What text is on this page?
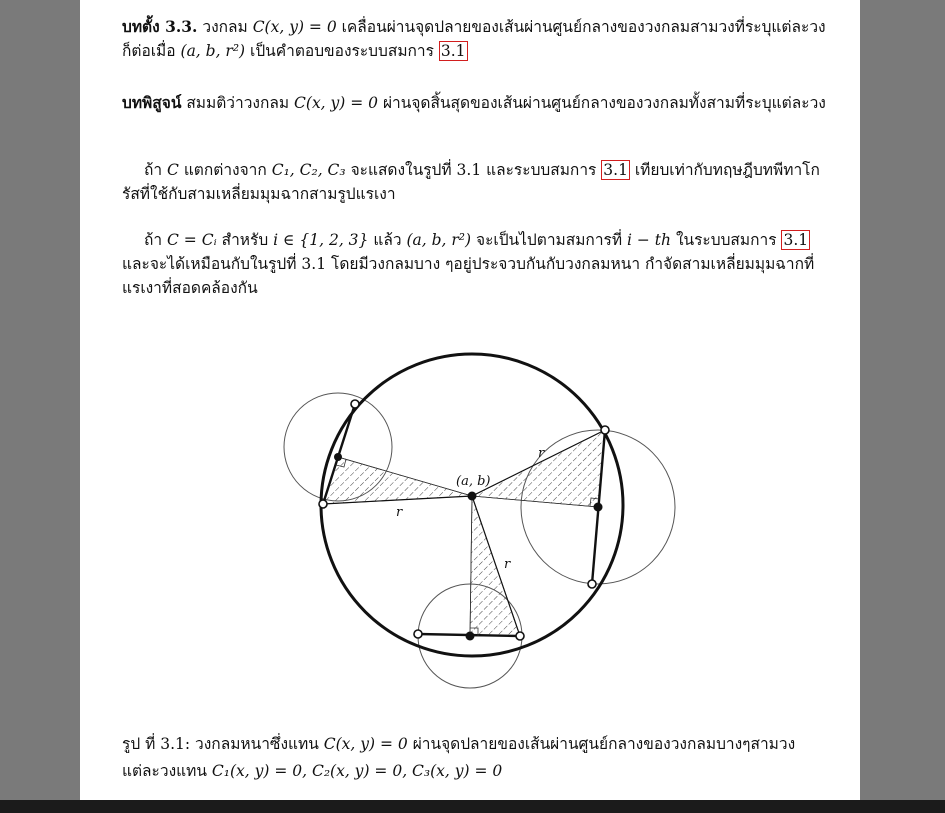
บทตั้ง 3.3. วงกลม C(x, y) = 0 เคลื่อนผ่านจุดปลายของเส้นผ่านศูนย์กลางของวงกลมสามวงที่ระบุแต่ละวงก็ต่อเมื่อ (a, b, r²) เป็นคำตอบของระบบสมการ 3.1
บทพิสูจน์ สมมติว่าวงกลม C(x, y) = 0 ผ่านจุดสิ้นสุดของเส้นผ่านศูนย์กลางของวงกลมทั้งสามที่ระบุแต่ละวง
ถ้า C แตกต่างจาก C₁, C₂, C₃ จะแสดงในรูปที่ 3.1 และระบบสมการ 3.1 เทียบเท่ากับทฤษฎีบทพีทาโกรัสที่ใช้กับสามเหลี่ยมมุมฉากสามรูปแรเงา
ถ้า C = Cᵢ สำหรับ i ∈ {1, 2, 3} แล้ว (a, b, r²) จะเป็นไปตามสมการที่ i − th ในระบบสมการ 3.1 และจะได้เหมือนกับในรูปที่ 3.1 โดยมีวงกลมบาง ๆอยู่ประจวบกันกับวงกลมหนา กำจัดสามเหลี่ยมมุมฉากที่แรเงาที่สอดคล้องกัน
(a, b)
r
r
r
รูป ที่ 3.1: วงกลมหนาซึ่งแทน C(x, y) = 0 ผ่านจุดปลายของเส้นผ่านศูนย์กลางของวงกลมบางๆสามวงแต่ละวงแทน C₁(x, y) = 0, C₂(x, y) = 0, C₃(x, y) = 0
